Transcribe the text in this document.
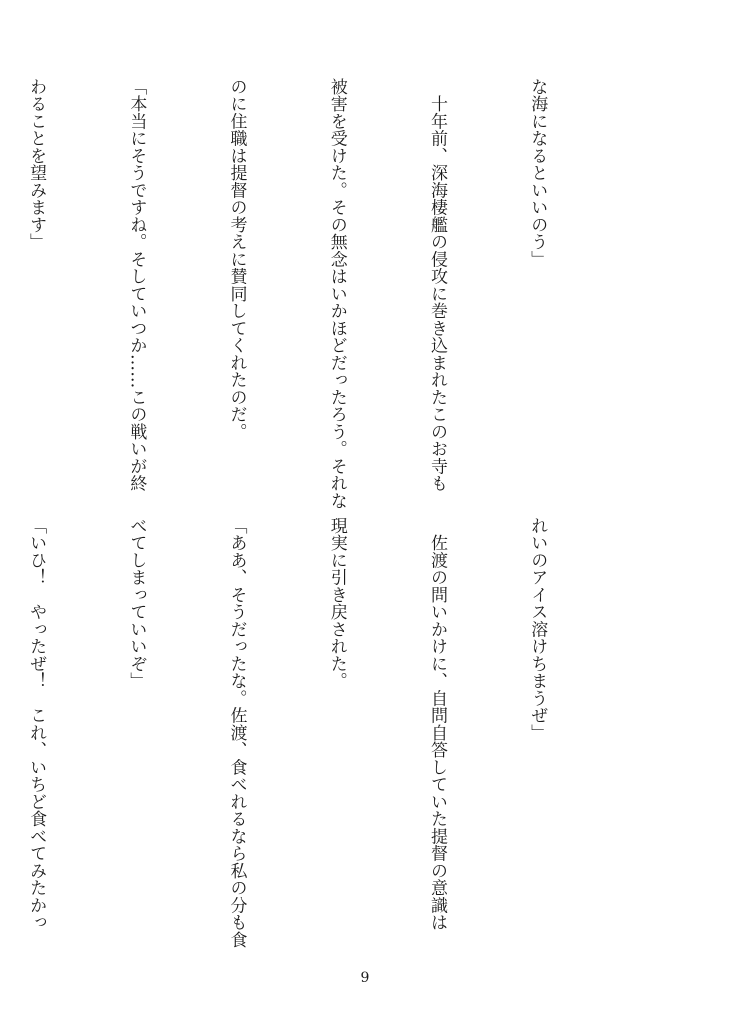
な海になるといいのう」

　十年前、深海棲艦の侵攻に巻き込まれたこのお寺も

被害を受けた。その無念はいかほどだったろう。それな

のに住職は提督の考えに賛同してくれたのだ。

「本当にそうですね。そしていつか……この戦いが終

わることを望みます」

れいのアイス溶けちまうぜ」

　佐渡の問いかけに、自問自答していた提督の意識は

現実に引き戻された。

「ああ、そうだったな。佐渡、食べれるなら私の分も食

べてしまっていいぞ」

「いひ！　やったぜ！　これ、いちど食べてみたかっ

9
